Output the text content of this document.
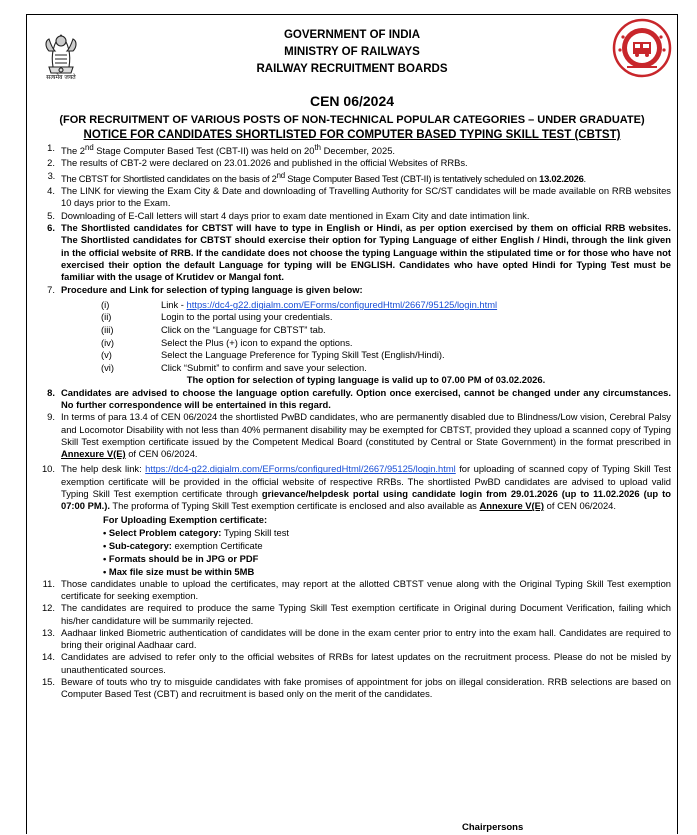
सत्यमेव जयते
GOVERNMENT OF INDIA
MINISTRY OF RAILWAYS
RAILWAY RECRUITMENT BOARDS
CEN 06/2024
(FOR RECRUITMENT OF VARIOUS POSTS OF NON-TECHNICAL POPULAR CATEGORIES – UNDER GRADUATE)
NOTICE FOR CANDIDATES SHORTLISTED FOR COMPUTER BASED TYPING SKILL TEST (CBTST)
1. The 2nd Stage Computer Based Test (CBT-II) was held on 20th December, 2025.
2. The results of CBT-2 were declared on 23.01.2026 and published in the official Websites of RRBs.
3. The CBTST for Shortlisted candidates on the basis of 2nd Stage Computer Based Test (CBT-II) is tentatively scheduled on 13.02.2026.
4. The LINK for viewing the Exam City & Date and downloading of Travelling Authority for SC/ST candidates will be made available on RRB websites 10 days prior to the Exam.
5. Downloading of E-Call letters will start 4 days prior to exam date mentioned in Exam City and date intimation link.
6. The Shortlisted candidates for CBTST will have to type in English or Hindi, as per option exercised by them on official RRB websites. The Shortlisted candidates for CBTST should exercise their option for Typing Language of either English / Hindi, through the link given in the official website of RRB. If the candidate does not choose the typing Language within the stipulated time or for those who have not exercised their option the default Language for typing will be ENGLISH. Candidates who have opted Hindi for Typing Test must be familiar with the usage of Krutidev or Mangal font.
7. Procedure and Link for selection of typing language is given below:
(i)	Link - https://dc4-g22.digialm.com/EForms/configuredHtml/2667/95125/login.html
(ii)	Login to the portal using your credentials.
(iii)	Click on the “Language for CBTST” tab.
(iv)	Select the Plus (+) icon to expand the options.
(v)	Select the Language Preference for Typing Skill Test (English/Hindi).
(vi)	Click “Submit” to confirm and save your selection.
The option for selection of typing language is valid up to 07.00 PM of 03.02.2026.
8. Candidates are advised to choose the language option carefully. Option once exercised, cannot be changed under any circumstances. No further correspondence will be entertained in this regard.
9. In terms of para 13.4 of CEN 06/2024 the shortlisted PwBD candidates, who are permanently disabled due to Blindness/Low vision, Cerebral Palsy and Locomotor Disability with not less than 40% permanent disability may be exempted for CBTST, provided they upload a scanned copy of Typing Skill Test exemption certificate issued by the Competent Medical Board (constituted by Central or State Government) in the format prescribed in Annexure V(E) of CEN 06/2024.
10. The help desk link: https://dc4-g22.digialm.com/EForms/configuredHtml/2667/95125/login.html for uploading of scanned copy of Typing Skill Test exemption certificate will be provided in the official website of respective RRBs. The shortlisted PwBD candidates are advised to upload valid Typing Skill Test exemption certificate through grievance/helpdesk portal using candidate login from 29.01.2026 (up to 11.02.2026 (up to 07:00 PM.). The proforma of Typing Skill Test exemption certificate is enclosed and also available as Annexure V(E) of CEN 06/2024.
For Uploading Exemption certificate:
• Select Problem category: Typing Skill test
• Sub-category: exemption Certificate
• Formats should be in JPG or PDF
• Max file size must be within 5MB
11. Those candidates unable to upload the certificates, may report at the allotted CBTST venue along with the Original Typing Skill Test exemption certificate for seeking exemption.
12. The candidates are required to produce the same Typing Skill Test exemption certificate in Original during Document Verification, failing which his/her candidature will be summarily rejected.
13. Aadhaar linked Biometric authentication of candidates will be done in the exam center prior to entry into the exam hall. Candidates are required to bring their original Aadhaar card.
14. Candidates are advised to refer only to the official websites of RRBs for latest updates on the recruitment process. Please do not be misled by unauthenticated sources.
15. Beware of touts who try to misguide candidates with fake promises of appointment for jobs on illegal consideration. RRB selections are based on Computer Based Test (CBT) and recruitment is based only on the merit of the candidates.
Chairpersons
